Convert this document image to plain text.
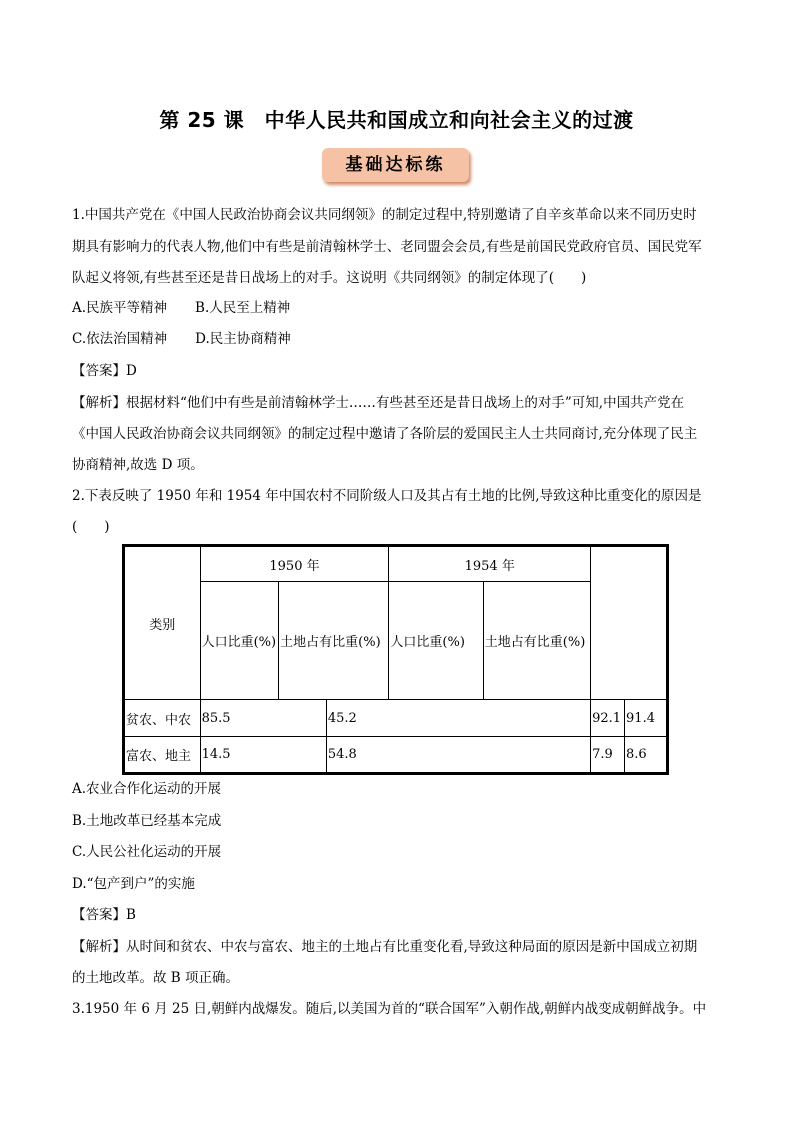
第 25 课　中华人民共和国成立和向社会主义的过渡
基础达标练
1.中国共产党在《中国人民政治协商会议共同纲领》的制定过程中,特别邀请了自辛亥革命以来不同历史时
期具有影响力的代表人物,他们中有些是前清翰林学士、老同盟会会员,有些是前国民党政府官员、国民党军
队起义将领,有些甚至还是昔日战场上的对手。这说明《共同纲领》的制定体现了(　　)
A.民族平等精神 B.人民至上精神
C.依法治国精神 D.民主协商精神
【答案】D
【解析】根据材料“他们中有些是前清翰林学士……有些甚至还是昔日战场上的对手”可知,中国共产党在
《中国人民政治协商会议共同纲领》的制定过程中邀请了各阶层的爱国民主人士共同商讨,充分体现了民主
协商精神,故选 D 项。
2.下表反映了 1950 年和 1954 年中国农村不同阶级人口及其占有土地的比例,导致这种比重变化的原因是
(　　)
类别	1950 年			1954 年			
	人口比重(%)	土地占有比重(%)		人口比重(%)	土地占有比重(%)		
贫农、中农	85.5		45.2			92.1	91.4
富农、地主	14.5		54.8			7.9	8.6
A.农业合作化运动的开展
B.土地改革已经基本完成
C.人民公社化运动的开展
D.“包产到户”的实施
【答案】B
【解析】从时间和贫农、中农与富农、地主的土地占有比重变化看,导致这种局面的原因是新中国成立初期
的土地改革。故 B 项正确。
3.1950 年 6 月 25 日,朝鲜内战爆发。随后,以美国为首的“联合国军”入朝作战,朝鲜内战变成朝鲜战争。中
